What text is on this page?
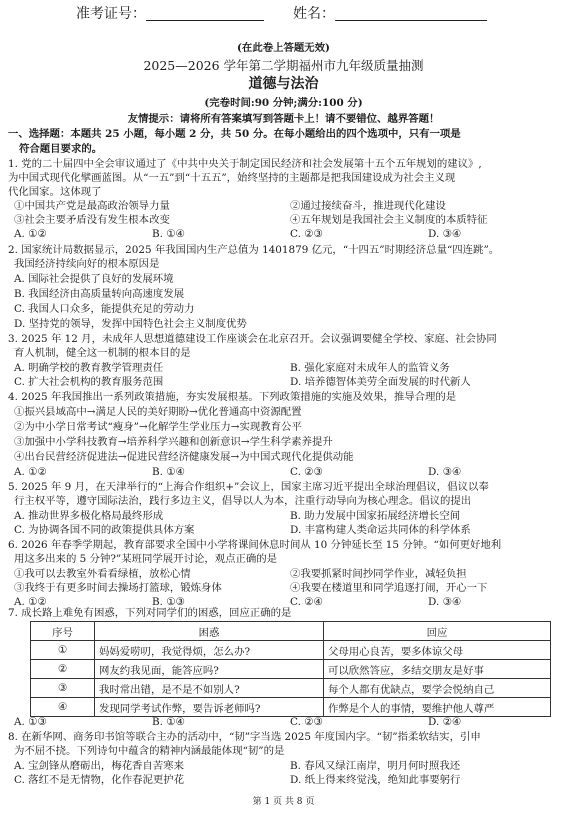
准考证号：	姓名：
(在此卷上答题无效)
2025—2026 学年第二学期福州市九年级质量抽测
道德与法治
(完卷时间:90 分钟;满分:100 分)
友情提示：请将所有答案填写到答题卡上！请不要错位、越界答题！
一、选择题：本题共 25 小题，每小题 2 分，共 50 分。在每小题给出的四个选项中，只有一项是
符合题目要求的。
1. 党的二十届四中全会审议通过了《中共中央关于制定国民经济和社会发展第十五个五年规划的建议》,
为中国式现代化擘画蓝图。从“一五”到“十五五”，始终坚持的主题都是把我国建设成为社会主义现
代化国家。这体现了
①中国共产党是最高政治领导力量	②通过接续奋斗，推进现代化建设
③社会主要矛盾没有发生根本改变	④五年规划是我国社会主义制度的本质特征
A. ①②	B. ①④	C. ②③	D. ③④
2. 国家统计局数据显示，2025 年我国国内生产总值为 1401879 亿元，“十四五”时期经济总量“四连跳”。
我国经济持续向好的根本原因是
A. 国际社会提供了良好的发展环境
B. 我国经济由高质量转向高速度发展
C. 我国人口众多，能提供充足的劳动力
D. 坚持党的领导，发挥中国特色社会主义制度优势
3. 2025 年 12 月，未成年人思想道德建设工作座谈会在北京召开。会议强调要健全学校、家庭、社会协同
育人机制，健全这一机制的根本目的是
A. 明确学校的教育教学管理责任	B. 强化家庭对未成年人的监管义务
C. 扩大社会机构的教育服务范围	D. 培养德智体美劳全面发展的时代新人
4. 2025 年我国推出一系列政策措施，夯实发展根基。下列政策措施的实施及效果，推导合理的是
①振兴县域高中→满足人民的美好期盼→优化普通高中资源配置
②为中小学日常考试“瘦身”→化解学生学业压力→实现教育公平
③加强中小学科技教育→培养科学兴趣和创新意识→学生科学素养提升
④出台民营经济促进法→促进民营经济健康发展→为中国式现代化提供动能
A. ①②	B. ①④	C. ②③	D. ③④
5. 2025 年 9 月，在天津举行的“上海合作组织+”会议上，国家主席习近平提出全球治理倡议，倡议以奉
行主权平等，遵守国际法治，践行多边主义，倡导以人为本，注重行动导向为核心理念。倡议的提出
A. 推动世界多极化格局最终形成	B. 助力发展中国家拓展经济增长空间
C. 为协调各国不同的政策提供具体方案	D. 丰富构建人类命运共同体的科学体系
6. 2026 年春季学期起，教育部要求全国中小学将课间休息时间从 10 分钟延长至 15 分钟。“如何更好地利
用这多出来的 5 分钟?”某班同学展开讨论，观点正确的是
①我可以去教室外看看绿植，放松心情	②我要抓紧时间抄同学作业，减轻负担
③我终于有更多时间去操场打篮球，锻炼身体	④我要在楼道里和同学追逐打闹，开心一下
A. ①②	B. ①③	C. ②④	D. ③④
7. 成长路上难免有困惑，下列对同学们的困惑，回应正确的是
序号	困惑	回应
①	妈妈爱唠叨，我觉得烦，怎么办?	父母用心良苦，要多体谅父母
②	网友约我见面，能答应吗?	可以欣然答应，多结交朋友是好事
③	我时常出错，是不是不如别人?	每个人都有优缺点，要学会悦纳自己
④	发现同学考试作弊，要告诉老师吗?	作弊是个人的事情，要维护他人尊严
A. ①③	B. ①④	C. ②③	D. ②④
8. 在新华网、商务印书馆等联合主办的活动中，“韧”字当选 2025 年度国内字。“韧”指柔软结实，引申
为不屈不挠。下列诗句中蕴含的精神内涵最能体现“韧”的是
A. 宝剑锋从磨砺出，梅花香自苦寒来	B. 春风又绿江南岸，明月何时照我还
C. 落红不是无情物，化作春泥更护花	D. 纸上得来终觉浅，绝知此事要躬行
第 1 页 共 8 页
